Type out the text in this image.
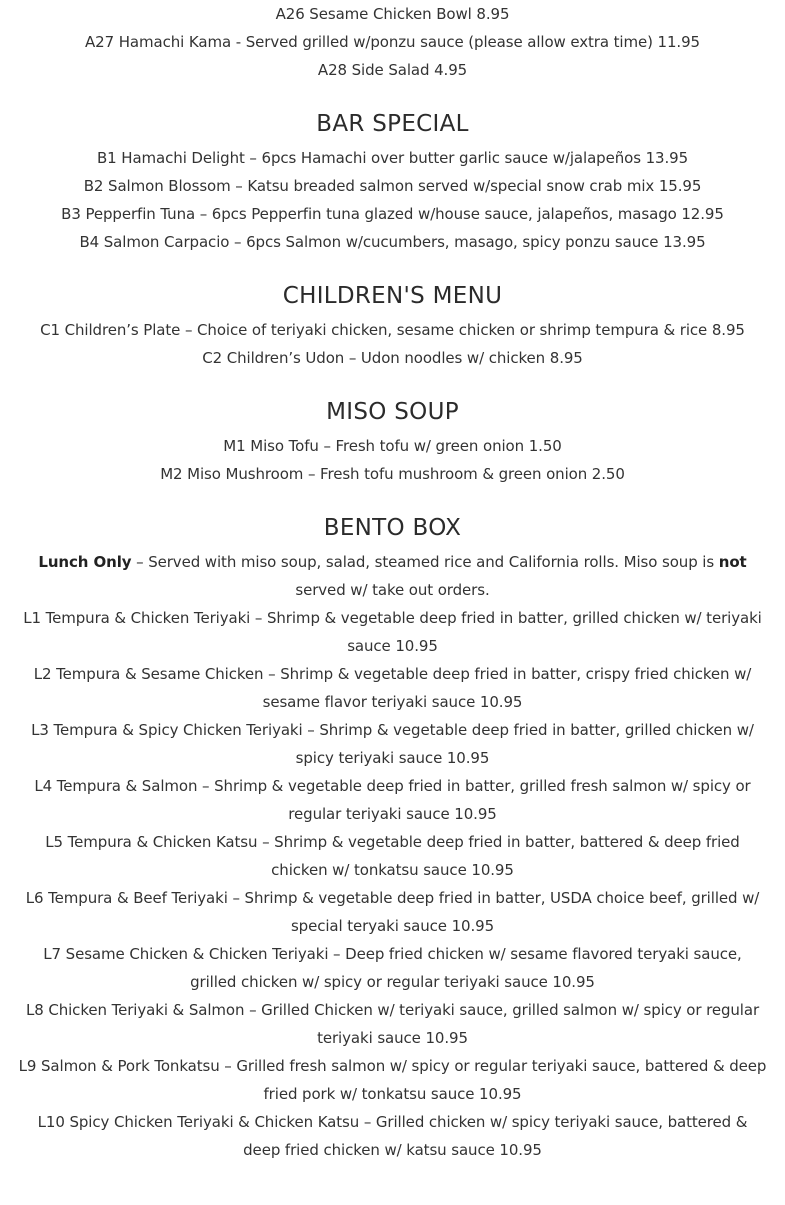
A26 Sesame Chicken Bowl 8.95

A27 Hamachi Kama - Served grilled w/ponzu sauce (please allow extra time) 11.95

A28 Side Salad 4.95

BAR SPECIAL

B1 Hamachi Delight – 6pcs Hamachi over butter garlic sauce w/jalapeños 13.95

B2 Salmon Blossom – Katsu breaded salmon served w/special snow crab mix 15.95

B3 Pepperfin Tuna – 6pcs Pepperfin tuna glazed w/house sauce, jalapeños, masago 12.95

B4 Salmon Carpacio – 6pcs Salmon w/cucumbers, masago, spicy ponzu sauce 13.95

CHILDREN'S MENU

C1 Children’s Plate – Choice of teriyaki chicken, sesame chicken or shrimp tempura & rice 8.95

C2 Children’s Udon – Udon noodles w/ chicken 8.95

MISO SOUP

M1 Miso Tofu – Fresh tofu w/ green onion 1.50

M2 Miso Mushroom – Fresh tofu mushroom & green onion 2.50

BENTO BOX

Lunch Only – Served with miso soup, salad, steamed rice and California rolls. Miso soup is not served w/ take out orders.

L1 Tempura & Chicken Teriyaki – Shrimp & vegetable deep fried in batter, grilled chicken w/ teriyaki sauce 10.95

L2 Tempura & Sesame Chicken – Shrimp & vegetable deep fried in batter, crispy fried chicken w/ sesame flavor teriyaki sauce 10.95

L3 Tempura & Spicy Chicken Teriyaki – Shrimp & vegetable deep fried in batter, grilled chicken w/ spicy teriyaki sauce 10.95

L4 Tempura & Salmon – Shrimp & vegetable deep fried in batter, grilled fresh salmon w/ spicy or regular teriyaki sauce 10.95

L5 Tempura & Chicken Katsu – Shrimp & vegetable deep fried in batter, battered & deep fried chicken w/ tonkatsu sauce 10.95

L6 Tempura & Beef Teriyaki – Shrimp & vegetable deep fried in batter, USDA choice beef, grilled w/ special teryaki sauce 10.95

L7 Sesame Chicken & Chicken Teriyaki – Deep fried chicken w/ sesame flavored teryaki sauce, grilled chicken w/ spicy or regular teriyaki sauce 10.95

L8 Chicken Teriyaki & Salmon – Grilled Chicken w/ teriyaki sauce, grilled salmon w/ spicy or regular teriyaki sauce 10.95

L9 Salmon & Pork Tonkatsu – Grilled fresh salmon w/ spicy or regular teriyaki sauce, battered & deep fried pork w/ tonkatsu sauce 10.95

L10 Spicy Chicken Teriyaki & Chicken Katsu – Grilled chicken w/ spicy teriyaki sauce, battered & deep fried chicken w/ katsu sauce 10.95
